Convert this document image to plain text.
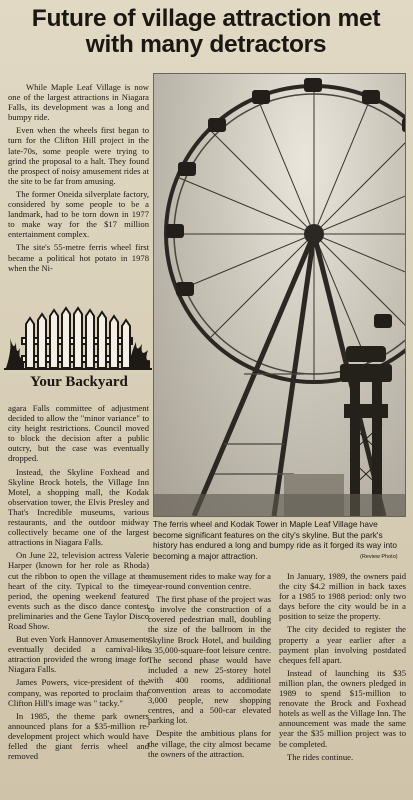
Future of village attraction met with many detractors

While Maple Leaf Village is now one of the largest attractions in Niagara Falls, its development was a long and bumpy ride.

Even when the wheels first began to turn for the Clifton Hill project in the late-70s, some people were trying to grind the proposal to a halt. They found the prospect of noisy amusement rides at the site to be far from amusing.

The former Oneida silverplate factory, considered by some people to be a landmark, had to be torn down in 1977 to make way for the $17 million entertainment complex.

The site's 55-metre ferris wheel first became a political hot potato in 1978 when the Ni-

Your Backyard

agara Falls committee of adjustment decided to allow the "minor variance" to city height restrictions. Council moved to block the decision after a public outcry, but the case was eventually dropped.

Instead, the Skyline Foxhead and Skyline Brock hotels, the Village Inn Motel, a shopping mall, the Kodak observation tower, the Elvis Presley and That's Incredible museums, various restaurants, and the outdoor midway collectively became one of the largest attractions in Niagara Falls.

On June 22, television actress Valerie Harper (known for her role as Rhoda) cut the ribbon to open the village at the heart of the city. Typical to the time period, the opening weekend featured events such as the disco dance contest preliminaries and the Gene Taylor Disco Road Show.

But even York Hannover Amusements eventually decided a carnival-like attraction provided the wrong image for Niagara Falls.

James Powers, vice-president of the company, was reported to proclaim that Clifton Hill's image was " tacky."

In 1985, the theme park owners announced plans for a $35-million re-development project which would have felled the giant ferris wheel and removed

The ferris wheel and Kodak Tower in Maple Leaf Village have become significant features on the city's skyline. But the park's history has endured a long and bumpy ride as it forged its way into becoming a major attraction.	(Review Photo)

amusement rides to make way for a year-round convention centre.

The first phase of the project was to involve the construction of a covered pedestrian mall, doubling the size of the ballroom in the Skyline Brock Hotel, and building a 35,000-square-foot leisure centre. The second phase would have included a new 25-storey hotel with 400 rooms, additional convention areas to accomodate 3,000 people, new shopping centres, and a 500-car elevated parking lot.

Despite the ambitious plans for the village, the city almost became the owners of the attraction.

In January, 1989, the owners paid the city $4.2 million in back taxes for a 1985 to 1988 period: only two days before the city would be in a position to seize the property.

The city decided to register the property a year earlier after a payment plan involving postdated cheques fell apart.

Instead of launching its $35 million plan, the owners pledged in 1989 to spend $15-million to renovate the Brock and Foxhead hotels as well as the Village Inn. The announcement was made the same year the $35 million project was to be completed.

The rides continue.
